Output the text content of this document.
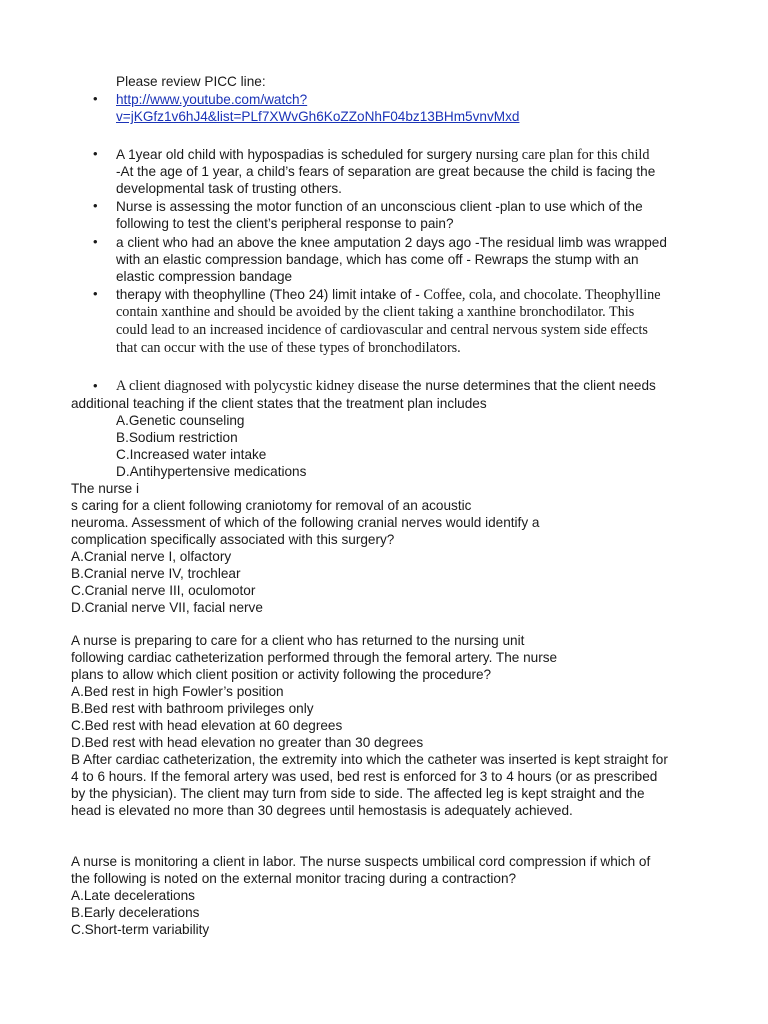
Please review PICC line:
• http://www.youtube.com/watch?
v=jKGfz1v6hJ4&list=PLf7XWvGh6KoZZoNhF04bz13BHm5vnvMxd
• A 1year old child with hypospadias is scheduled for surgery nursing care plan for this child
-At the age of 1 year, a child’s fears of separation are great because the child is facing the
developmental task of trusting others.
• Nurse is assessing the motor function of an unconscious client -plan to use which of the
following to test the client’s peripheral response to pain?
• a client who had an above the knee amputation 2 days ago -The residual limb was wrapped
with an elastic compression bandage, which has come off - Rewraps the stump with an
elastic compression bandage
• therapy with theophylline (Theo 24) limit intake of - Coffee, cola, and chocolate. Theophylline
contain xanthine and should be avoided by the client taking a xanthine bronchodilator. This
could lead to an increased incidence of cardiovascular and central nervous system side effects
that can occur with the use of these types of bronchodilators.
• A client diagnosed with polycystic kidney disease the nurse determines that the client needs
additional teaching if the client states that the treatment plan includes
A.Genetic counseling
B.Sodium restriction
C.Increased water intake
D.Antihypertensive medications
The nurse i
s caring for a client following craniotomy for removal of an acoustic
neuroma. Assessment of which of the following cranial nerves would identify a
complication specifically associated with this surgery?
A.Cranial nerve I, olfactory
B.Cranial nerve IV, trochlear
C.Cranial nerve III, oculomotor
D.Cranial nerve VII, facial nerve
A nurse is preparing to care for a client who has returned to the nursing unit
following cardiac catheterization performed through the femoral artery. The nurse
plans to allow which client position or activity following the procedure?
A.Bed rest in high Fowler’s position
B.Bed rest with bathroom privileges only
C.Bed rest with head elevation at 60 degrees
D.Bed rest with head elevation no greater than 30 degrees
B After cardiac catheterization, the extremity into which the catheter was inserted is kept straight for
4 to 6 hours. If the femoral artery was used, bed rest is enforced for 3 to 4 hours (or as prescribed
by the physician). The client may turn from side to side. The affected leg is kept straight and the
head is elevated no more than 30 degrees until hemostasis is adequately achieved.
A nurse is monitoring a client in labor. The nurse suspects umbilical cord compression if which of
the following is noted on the external monitor tracing during a contraction?
A.Late decelerations
B.Early decelerations
C.Short-term variability
